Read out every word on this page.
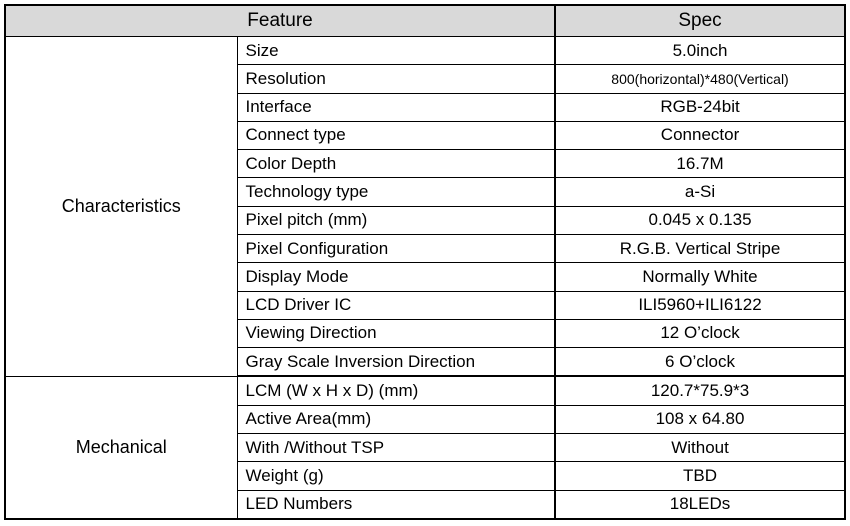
Feature		Spec
Characteristics	Size	5.0inch
	Resolution	800(horizontal)*480(Vertical)
	Interface	RGB-24bit
	Connect type	Connector
	Color Depth	16.7M
	Technology type	a-Si
	Pixel pitch (mm)	0.045 x 0.135
	Pixel Configuration	R.G.B. Vertical Stripe
	Display Mode	Normally White
	LCD Driver IC	ILI5960+ILI6122
	Viewing Direction	12 O’clock
	Gray Scale Inversion Direction	6 O’clock
Mechanical	LCM (W x H x D) (mm)	120.7*75.9*3
	Active Area(mm)	108 x 64.80
	With /Without TSP	Without
	Weight (g)	TBD
	LED Numbers	18LEDs
